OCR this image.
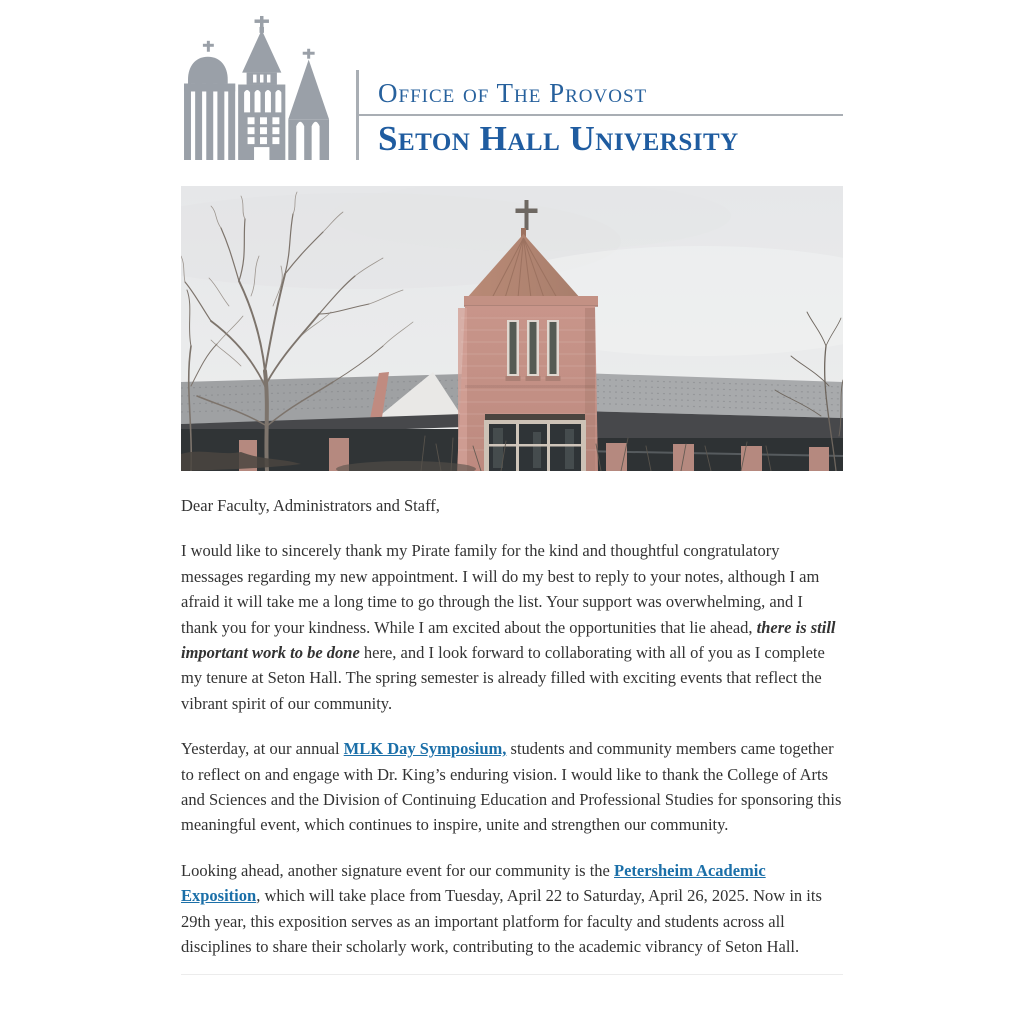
Office of The Provost
Seton Hall University

Dear Faculty, Administrators and Staff,

I would like to sincerely thank my Pirate family for the kind and thoughtful congratulatory messages regarding my new appointment. I will do my best to reply to your notes, although I am afraid it will take me a long time to go through the list. Your support was overwhelming, and I thank you for your kindness. While I am excited about the opportunities that lie ahead, there is still important work to be done here, and I look forward to collaborating with all of you as I complete my tenure at Seton Hall. The spring semester is already filled with exciting events that reflect the vibrant spirit of our community.

Yesterday, at our annual MLK Day Symposium, students and community members came together to reflect on and engage with Dr. King’s enduring vision. I would like to thank the College of Arts and Sciences and the Division of Continuing Education and Professional Studies for sponsoring this meaningful event, which continues to inspire, unite and strengthen our community.

Looking ahead, another signature event for our community is the Petersheim Academic Exposition, which will take place from Tuesday, April 22 to Saturday, April 26, 2025. Now in its 29th year, this exposition serves as an important platform for faculty and students across all disciplines to share their scholarly work, contributing to the academic vibrancy of Seton Hall.
